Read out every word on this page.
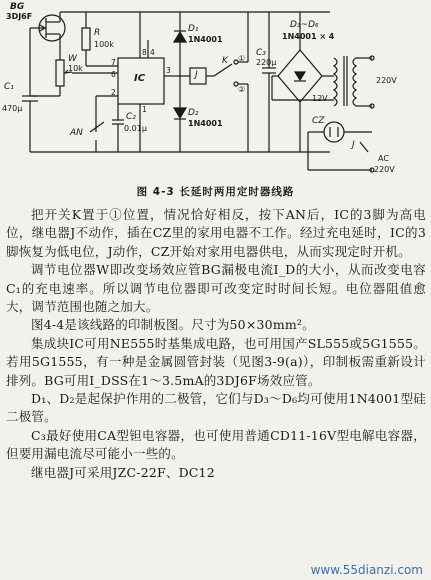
BG
3DJ6F
R
100k
W
10k
C₁
470μ
IC
7
6
2
8 4
3
1
C₂
0.01μ
AN
D₁
1N4001
D₂
1N4001
J
K ①
②
C₃
220μ
D₃~D₆
1N4001 × 4
12V
220V
CZ
J
AC
220V
图 4-3 长延时两用定时器线路

把开关K置于①位置，情况恰好相反，按下AN后，IC的3脚为高电位，继电器J不动作，插在CZ里的家用电器不工作。经过充电延时，IC的3脚恢复为低电位，J动作，CZ开始对家用电器供电，从而实现定时开机。

调节电位器W即改变场效应管BG漏极电流I_D的大小，从而改变电容C₁的充电速率。所以调节电位器即可改变定时时间长短。电位器阻值愈大，调节范围也随之加大。

图4-4是该线路的印制板图。尺寸为50×30mm²。

集成块IC可用NE555时基集成电路，也可用国产SL555或5G1555。若用5G1555，有一种是金属圆管封装（见图3-9(a)），印制板需重新设计排列。BG可用I_DSS在1～3.5mA的3DJ6F场效应管。

D₁、D₂是起保护作用的二极管，它们与D₃～D₆均可使用1N4001型硅二极管。

C₃最好使用CA型钽电容器，也可使用普通CD11-16V型电解电容器，但要用漏电流尽可能小一些的。

继电器J可采用JZC-22F、DC12

www.55dianzi.com
